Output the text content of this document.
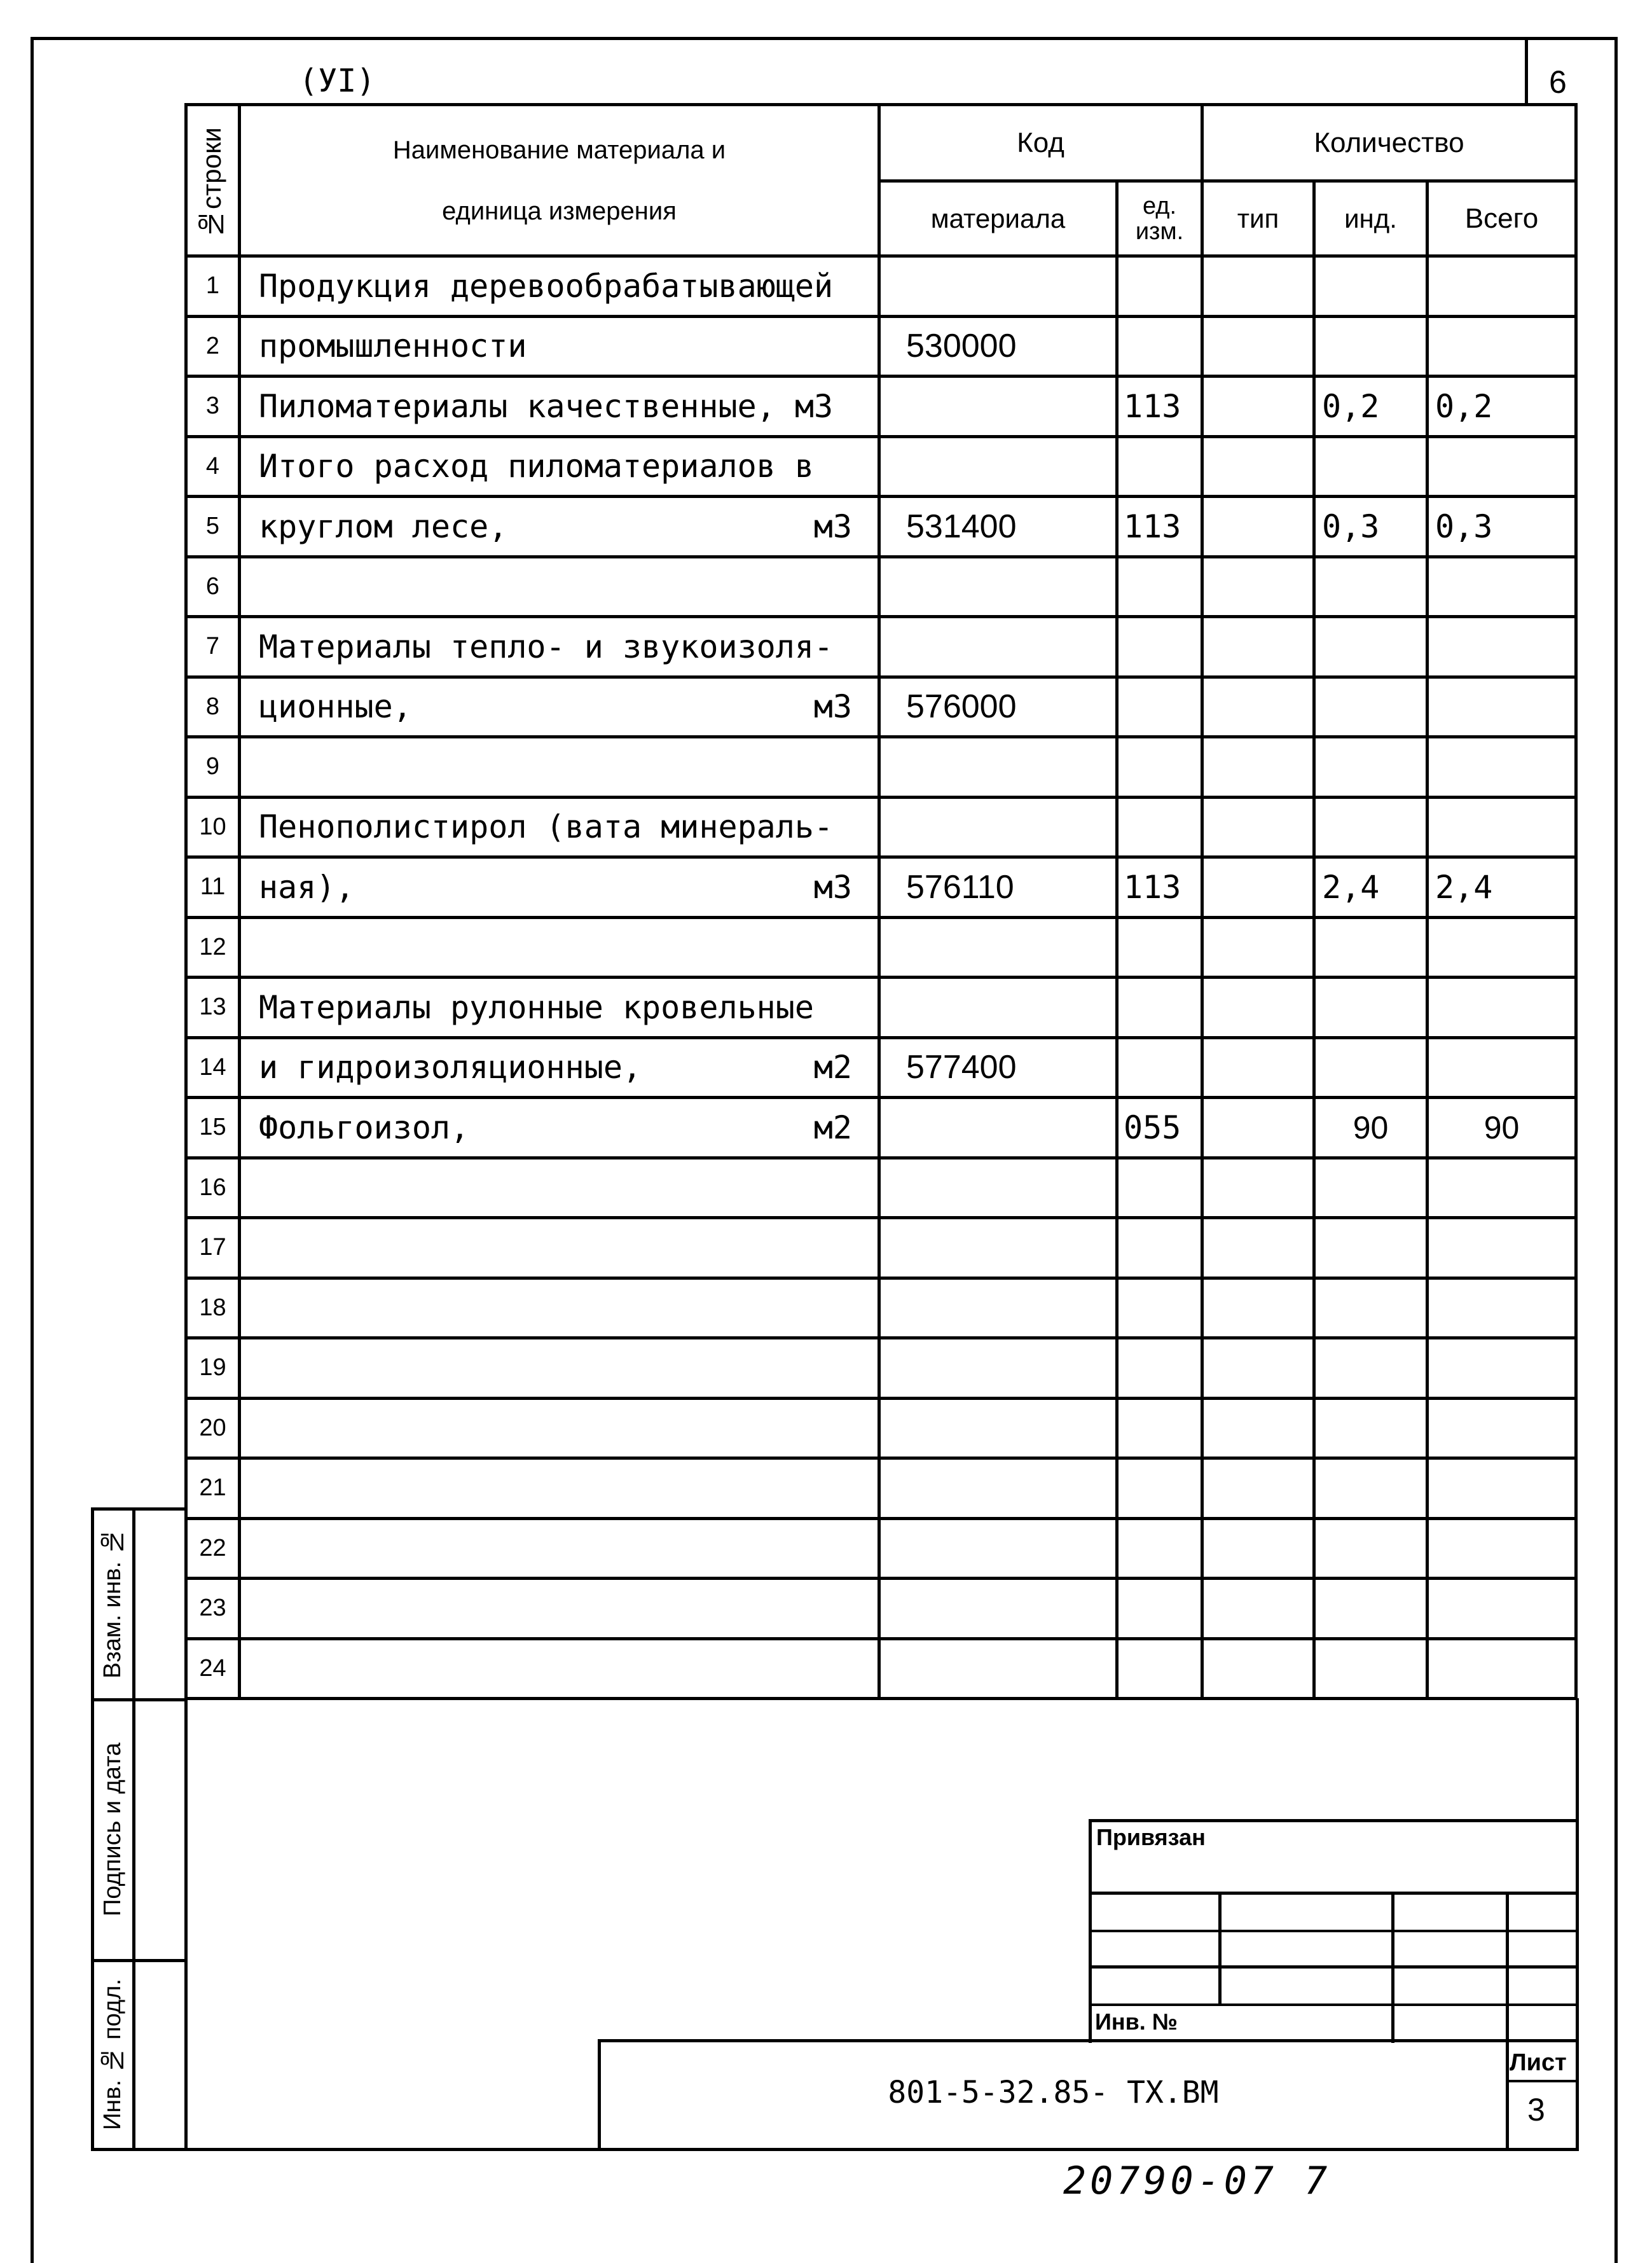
(УI)	6
№строки	Наименование материала и единица измерения	Код		Количество		
		материала	ед. изм.	тип	инд.	Всего
1	Продукция деревообрабатывающей					

2	промышленности	530000				
3	Пиломатериалы качественные, м3		113		0,2	0,2
4	Итого расход пиломатериалов в					

5	круглом лесе, м3	531400	113		0,3	0,3
6	

7	Материалы тепло- и звукоизоля-					

8	ционные, м3	576000				
9	

10	Пенополистирол (вата минераль-					

11	ная), м3	576110	113		2,4	2,4
12	

13	Материалы рулонные кровельные					

14	и гидроизоляционные, м2	577400				
15	Фольгоизол, м2		055		90	90
16	

17	

18	

19	

20	

21	

22	

23	

24	

Взам. инв. №
Подпись и дата
Инв. № подл.
Привязан
Инв. №
801-5-32.85- ТХ.ВМ
Лист
3
20790-07 7
